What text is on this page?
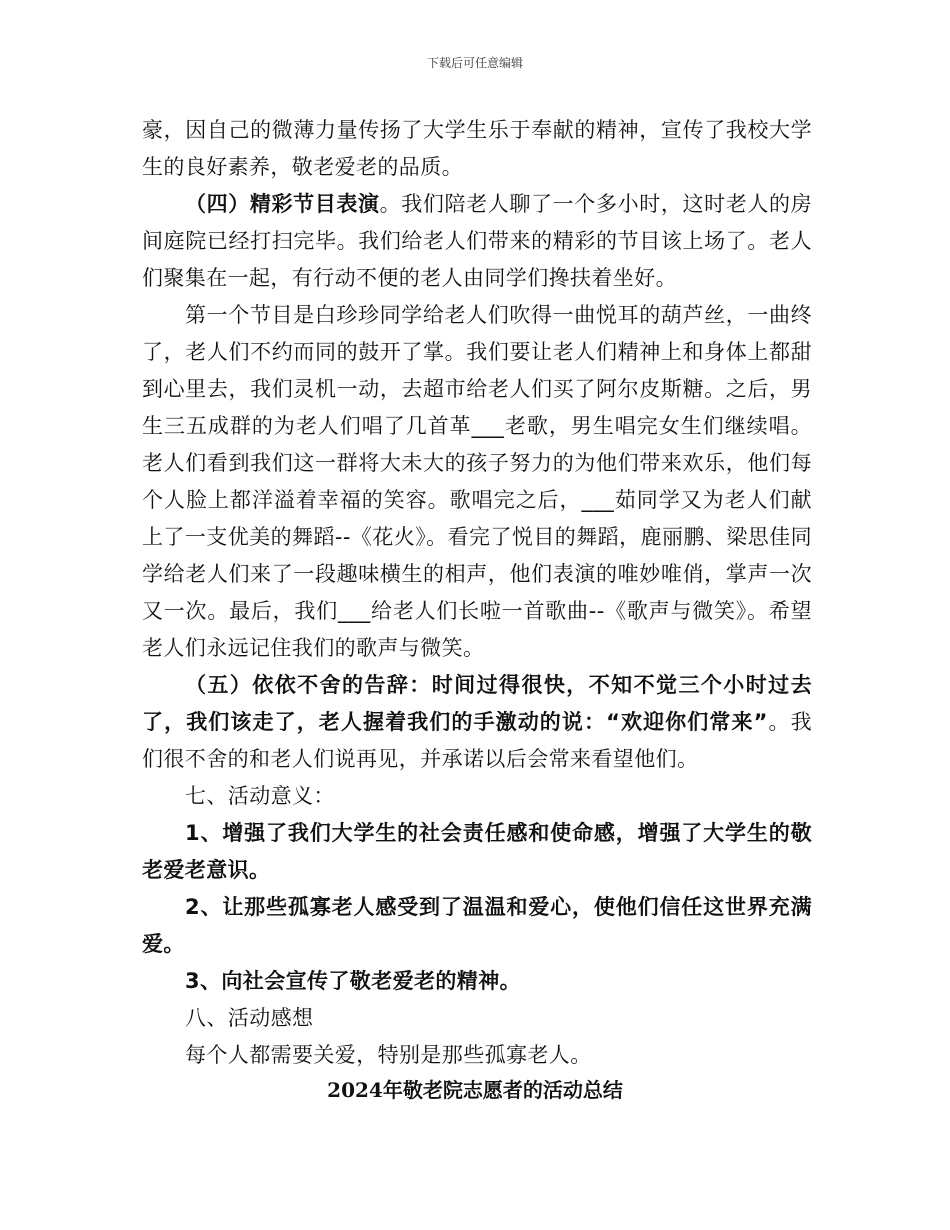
下载后可任意编辑

豪，因自己的微薄力量传扬了大学生乐于奉献的精神，宣传了我校大学生的良好素养，敬老爱老的品质。

（四）精彩节目表演。我们陪老人聊了一个多小时，这时老人的房间庭院已经打扫完毕。我们给老人们带来的精彩的节目该上场了。老人们聚集在一起，有行动不便的老人由同学们搀扶着坐好。

第一个节目是白珍珍同学给老人们吹得一曲悦耳的葫芦丝，一曲终了，老人们不约而同的鼓开了掌。我们要让老人们精神上和身体上都甜到心里去，我们灵机一动，去超市给老人们买了阿尔皮斯糖。之后，男生三五成群的为老人们唱了几首革___老歌，男生唱完女生们继续唱。老人们看到我们这一群将大未大的孩子努力的为他们带来欢乐，他们每个人脸上都洋溢着幸福的笑容。歌唱完之后，___茹同学又为老人们献上了一支优美的舞蹈--《花火》。看完了悦目的舞蹈，鹿丽鹏、梁思佳同学给老人们来了一段趣味横生的相声，他们表演的唯妙唯俏，掌声一次又一次。最后，我们___给老人们长啦一首歌曲--《歌声与微笑》。希望老人们永远记住我们的歌声与微笑。

（五）依依不舍的告辞：时间过得很快，不知不觉三个小时过去了，我们该走了，老人握着我们的手激动的说：“欢迎你们常来”。我们很不舍的和老人们说再见，并承诺以后会常来看望他们。

七、活动意义：

1、增强了我们大学生的社会责任感和使命感，增强了大学生的敬老爱老意识。

2、让那些孤寡老人感受到了温温和爱心，使他们信任这世界充满爱。

3、向社会宣传了敬老爱老的精神。

八、活动感想

每个人都需要关爱，特别是那些孤寡老人。

2024年敬老院志愿者的活动总结
